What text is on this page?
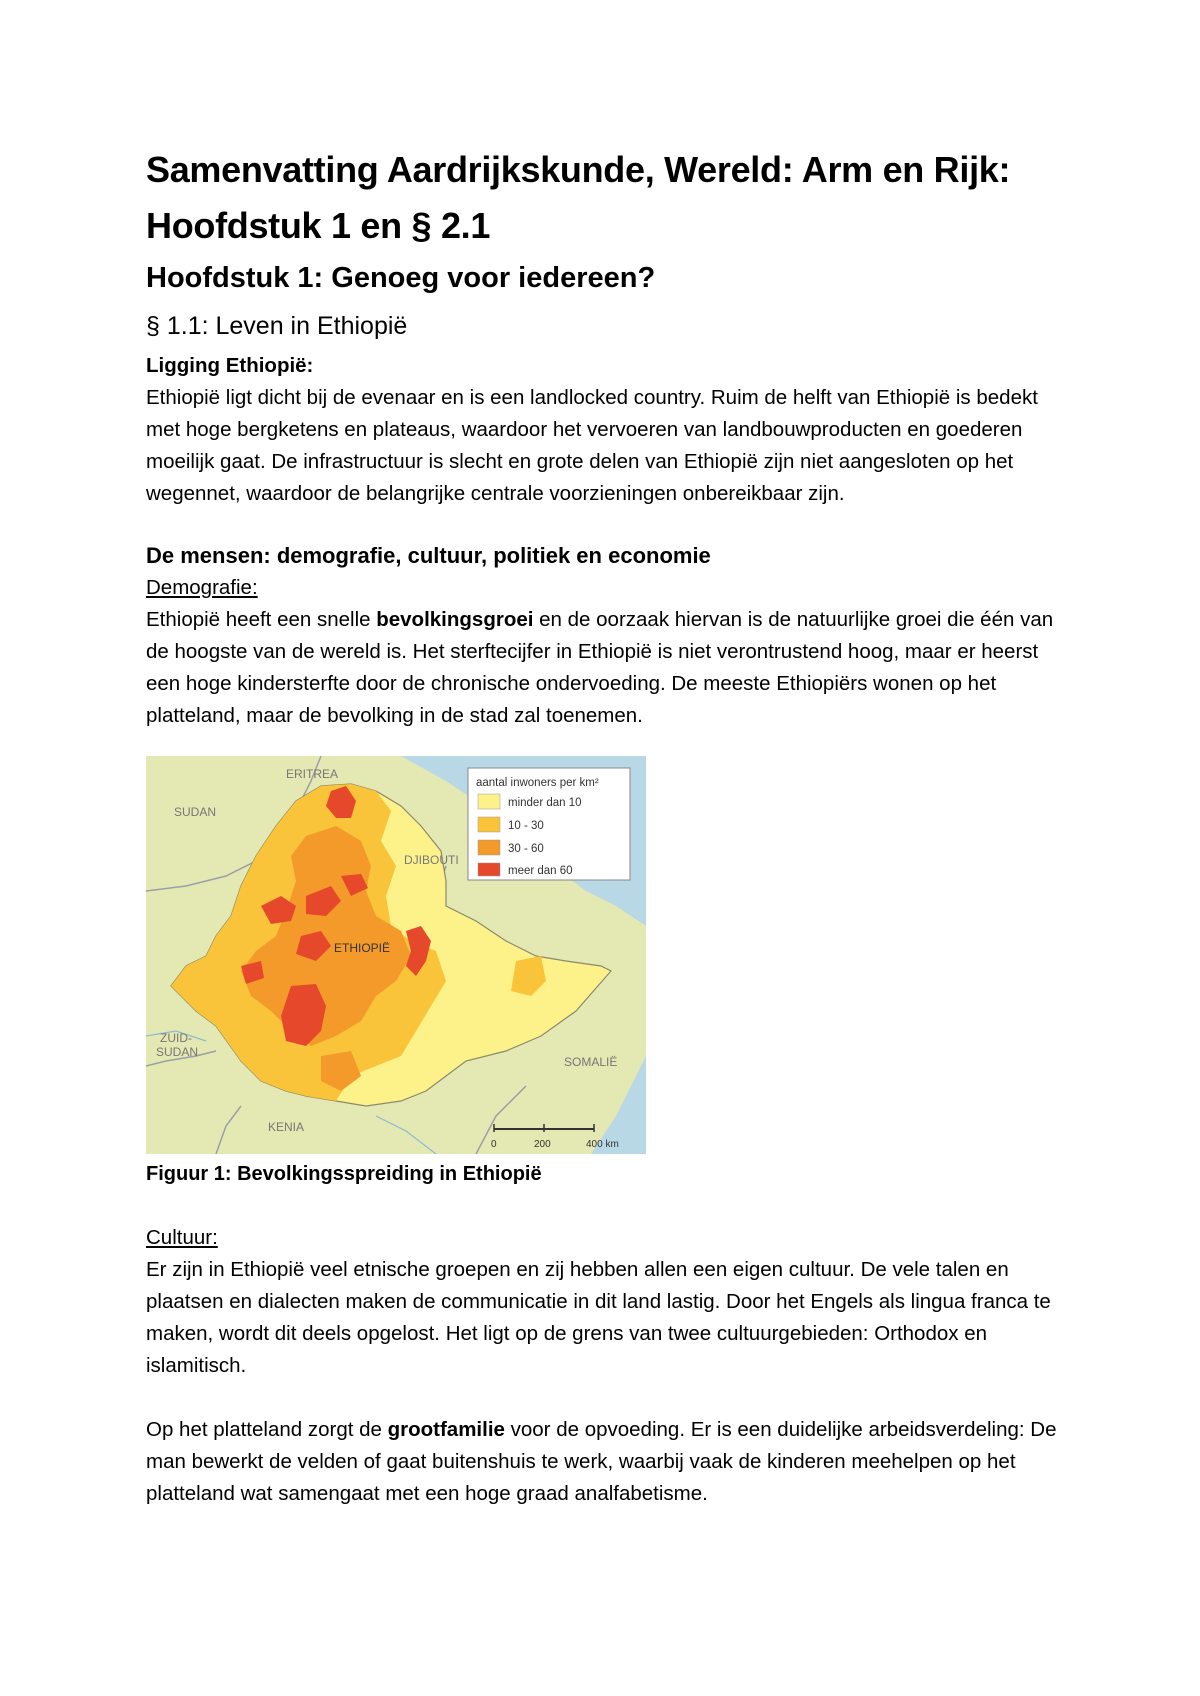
Samenvatting Aardrijkskunde, Wereld: Arm en Rijk: Hoofdstuk 1 en § 2.1
Hoofdstuk 1: Genoeg voor iedereen?
§ 1.1: Leven in Ethiopië
Ligging Ethiopië:

Ethiopië ligt dicht bij de evenaar en is een landlocked country. Ruim de helft van Ethiopië is bedekt met hoge bergketens en plateaus, waardoor het vervoeren van landbouwproducten en goederen moeilijk gaat. De infrastructuur is slecht en grote delen van Ethiopië zijn niet aangesloten op het wegennet, waardoor de belangrijke centrale voorzieningen onbereikbaar zijn.

De mensen: demografie, cultuur, politiek en economie
Demografie:

Ethiopië heeft een snelle bevolkingsgroei en de oorzaak hiervan is de natuurlijke groei die één van de hoogste van de wereld is. Het sterftecijfer in Ethiopië is niet verontrustend hoog, maar er heerst een hoge kindersterfte door de chronische ondervoeding. De meeste Ethiopiërs wonen op het platteland, maar de bevolking in de stad zal toenemen.

ERITREA
SUDAN
DJIBOUTI
ZUID-
SUDAN
SOMALIË
KENIA
ETHIOPIË
aantal inwoners per km²
minder dan 10
10 - 30
30 - 60
meer dan 60
0	200	400 km
Figuur 1: Bevolkingsspreiding in Ethiopië
Cultuur:

Er zijn in Ethiopië veel etnische groepen en zij hebben allen een eigen cultuur. De vele talen en plaatsen en dialecten maken de communicatie in dit land lastig. Door het Engels als lingua franca te maken, wordt dit deels opgelost. Het ligt op de grens van twee cultuurgebieden: Orthodox en islamitisch.

Op het platteland zorgt de grootfamilie voor de opvoeding. Er is een duidelijke arbeidsverdeling: De man bewerkt de velden of gaat buitenshuis te werk, waarbij vaak de kinderen meehelpen op het platteland wat samengaat met een hoge graad analfabetisme.
